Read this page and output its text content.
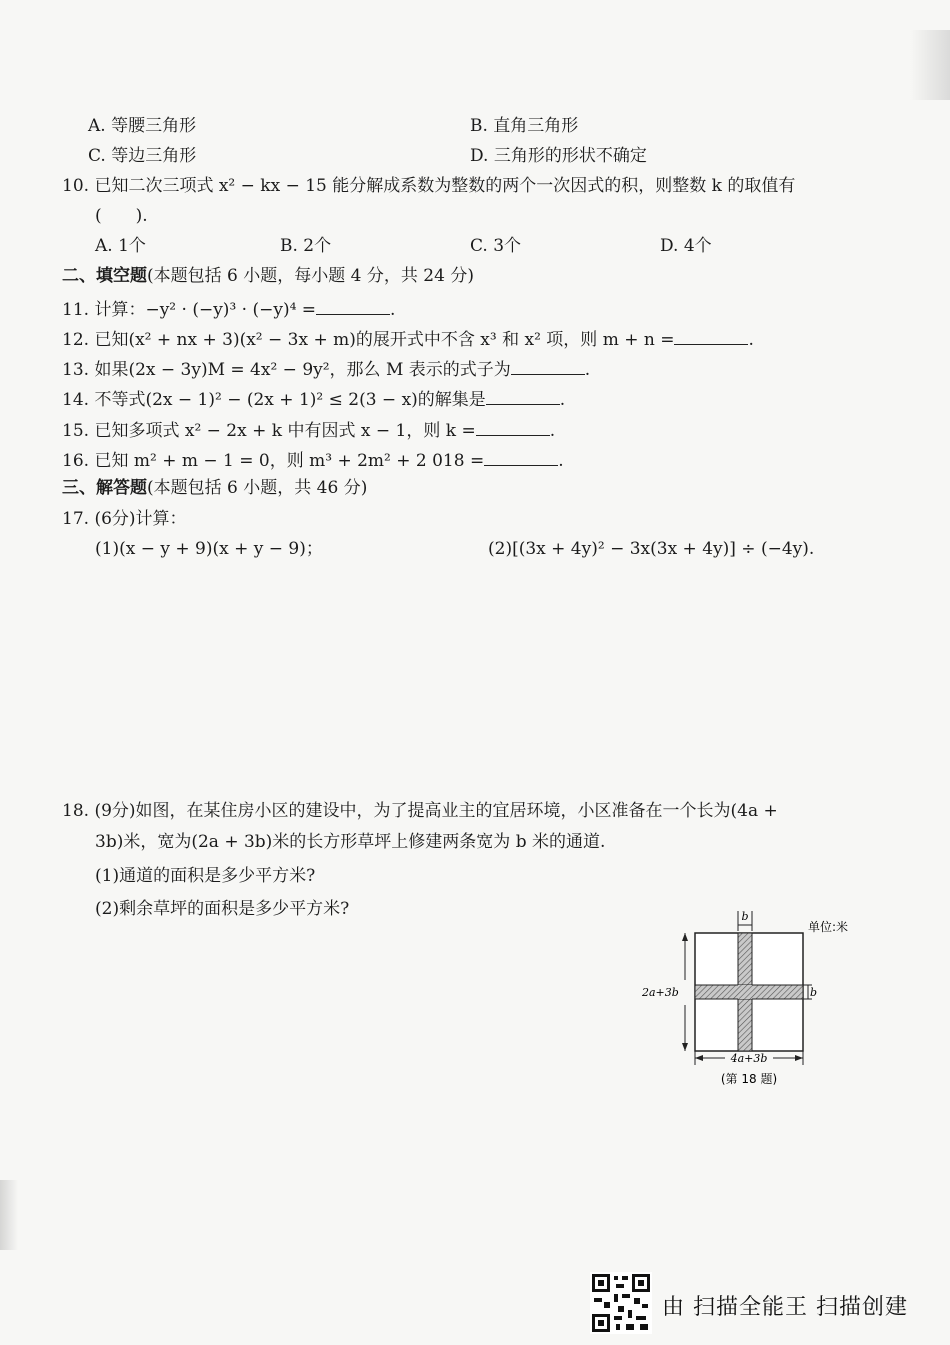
A. 等腰三角形	B. 直角三角形
C. 等边三角形	D. 三角形的形状不确定
10. 已知二次三项式 x² − kx − 15 能分解成系数为整数的两个一次因式的积，则整数 k 的取值有
(　　).
A. 1个	B. 2个	C. 3个	D. 4个
二、填空题(本题包括 6 小题，每小题 4 分，共 24 分)
11. 计算：−y² · (−y)³ · (−y)⁴ =	.
12. 已知(x² + nx + 3)(x² − 3x + m)的展开式中不含 x³ 和 x² 项，则 m + n =	.
13. 如果(2x − 3y)M = 4x² − 9y²，那么 M 表示的式子为	.
14. 不等式(2x − 1)² − (2x + 1)² ≤ 2(3 − x)的解集是	.
15. 已知多项式 x² − 2x + k 中有因式 x − 1，则 k =	.
16. 已知 m² + m − 1 = 0，则 m³ + 2m² + 2 018 =	.
三、解答题(本题包括 6 小题，共 46 分)
17. (6分)计算：
(1)(x − y + 9)(x + y − 9)；	(2)[(3x + 4y)² − 3x(3x + 4y)] ÷ (−4y).
18. (9分)如图，在某住房小区的建设中，为了提高业主的宜居环境，小区准备在一个长为(4a +
3b)米，宽为(2a + 3b)米的长方形草坪上修建两条宽为 b 米的通道.
(1)通道的面积是多少平方米?
(2)剩余草坪的面积是多少平方米?	b
单位:米
b
2a+3b
4a+3b
(第 18 题)
由 扫描全能王 扫描创建
